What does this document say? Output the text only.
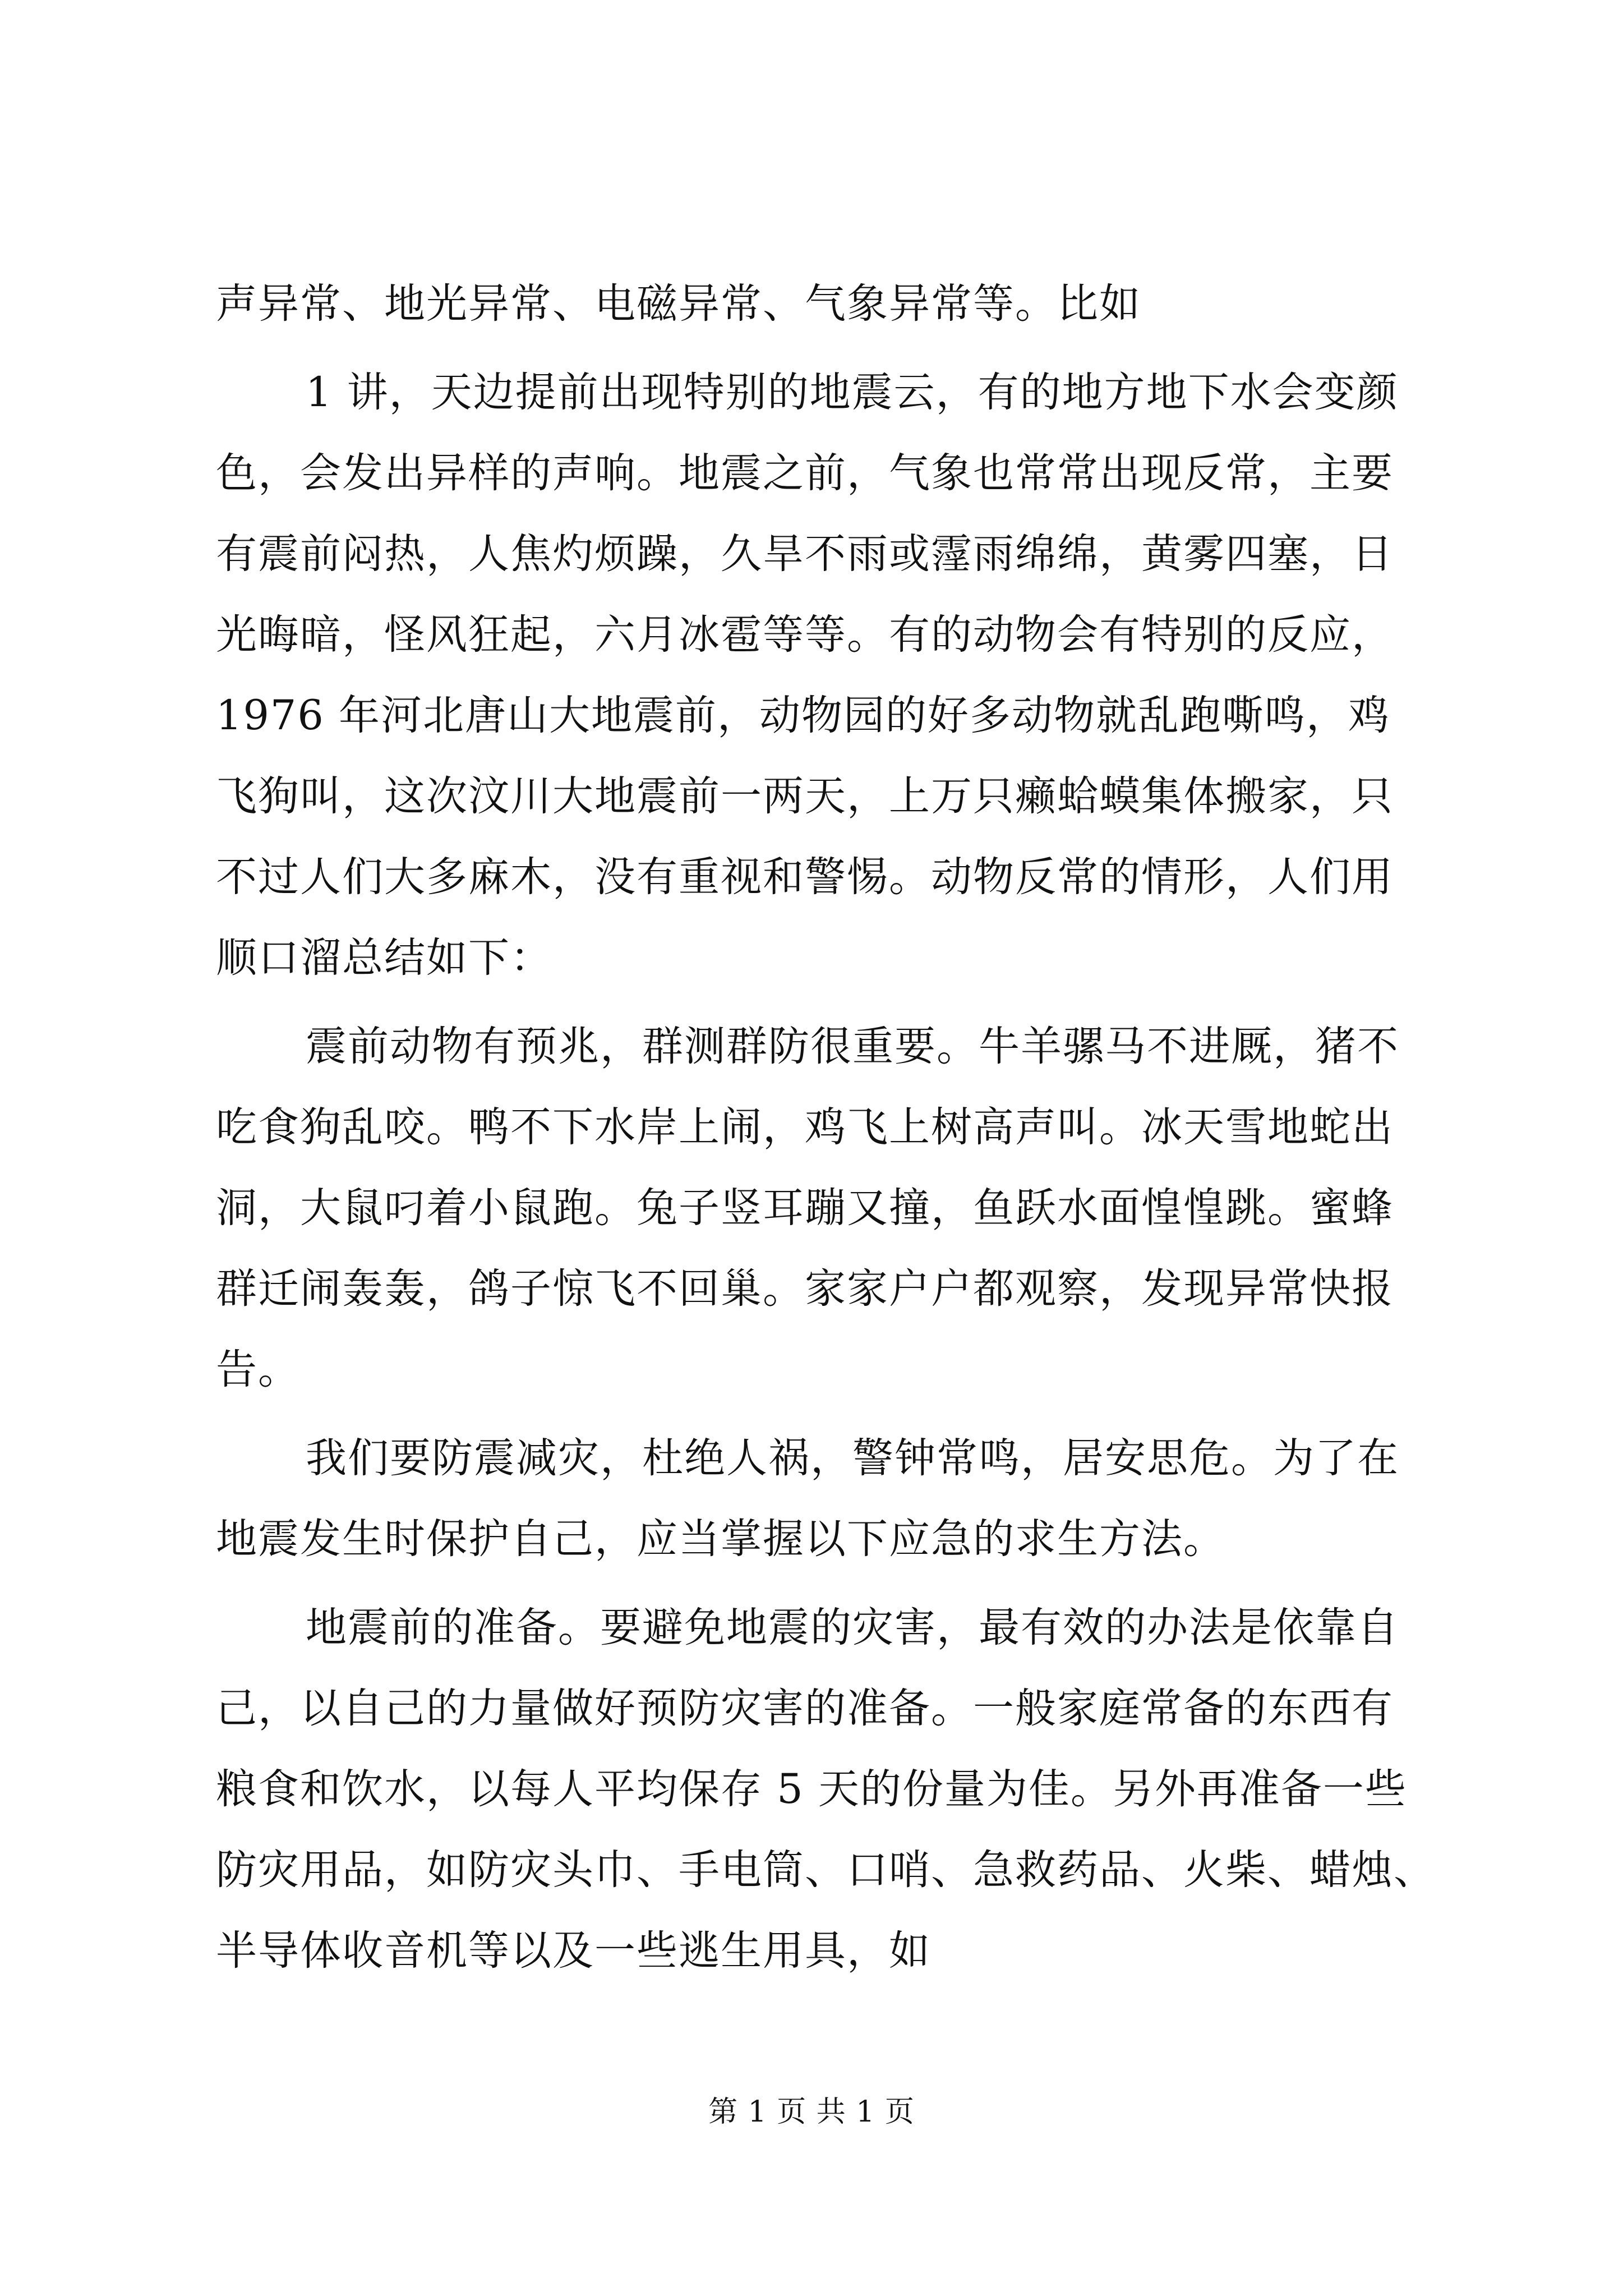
声异常、地光异常、电磁异常、气象异常等。比如
1 讲，天边提前出现特别的地震云，有的地方地下水会变颜
色，会发出异样的声响。地震之前，气象也常常出现反常，主要
有震前闷热，人焦灼烦躁，久旱不雨或霪雨绵绵，黄雾四塞，日
光晦暗，怪风狂起，六月冰雹等等。有的动物会有特别的反应，
1976 年河北唐山大地震前，动物园的好多动物就乱跑嘶鸣，鸡
飞狗叫，这次汶川大地震前一两天，上万只癞蛤蟆集体搬家，只
不过人们大多麻木，没有重视和警惕。动物反常的情形，人们用
顺口溜总结如下：
震前动物有预兆，群测群防很重要。牛羊骡马不进厩，猪不
吃食狗乱咬。鸭不下水岸上闹，鸡飞上树高声叫。冰天雪地蛇出
洞，大鼠叼着小鼠跑。兔子竖耳蹦又撞，鱼跃水面惶惶跳。蜜蜂
群迁闹轰轰，鸽子惊飞不回巢。家家户户都观察，发现异常快报
告。
我们要防震减灾，杜绝人祸，警钟常鸣，居安思危。为了在
地震发生时保护自己，应当掌握以下应急的求生方法。
地震前的准备。要避免地震的灾害，最有效的办法是依靠自
己，以自己的力量做好预防灾害的准备。一般家庭常备的东西有
粮食和饮水，以每人平均保存 5 天的份量为佳。另外再准备一些
防灾用品，如防灾头巾、手电筒、口哨、急救药品、火柴、蜡烛、
半导体收音机等以及一些逃生用具，如
第 1 页 共 1 页
